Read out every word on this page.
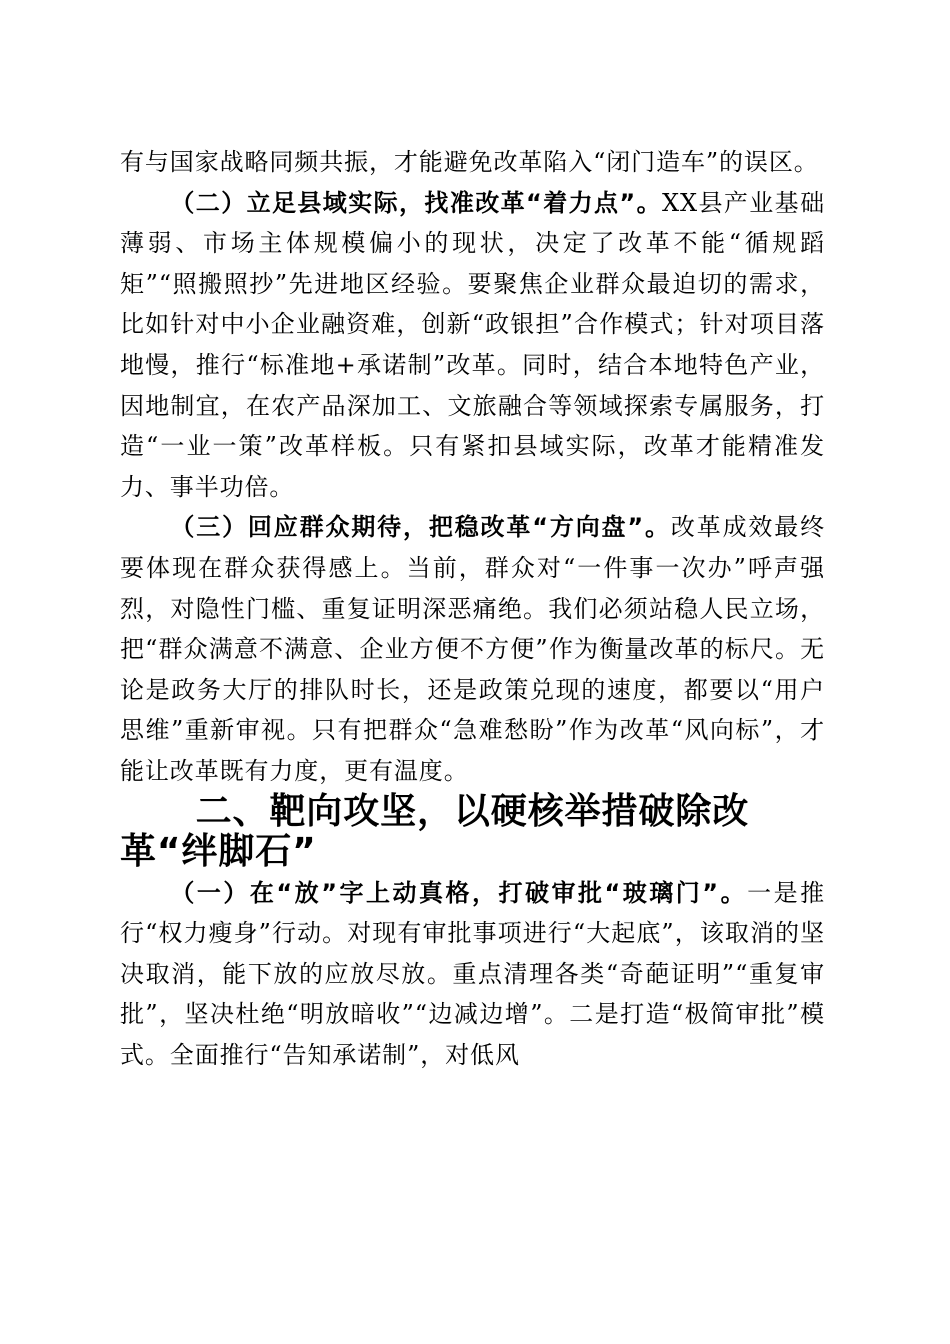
有与国家战略同频共振，才能避免改革陷入“闭门造车”的误区。

（二）立足县域实际，找准改革“着力点”。XX县产业基础薄弱、市场主体规模偏小的现状，决定了改革不能“循规蹈矩”“照搬照抄”先进地区经验。要聚焦企业群众最迫切的需求，比如针对中小企业融资难，创新“政银担”合作模式；针对项目落地慢，推行“标准地+承诺制”改革。同时，结合本地特色产业，因地制宜，在农产品深加工、文旅融合等领域探索专属服务，打造“一业一策”改革样板。只有紧扣县域实际，改革才能精准发力、事半功倍。

（三）回应群众期待，把稳改革“方向盘”。改革成效最终要体现在群众获得感上。当前，群众对“一件事一次办”呼声强烈，对隐性门槛、重复证明深恶痛绝。我们必须站稳人民立场，把“群众满意不满意、企业方便不方便”作为衡量改革的标尺。无论是政务大厅的排队时长，还是政策兑现的速度，都要以“用户思维”重新审视。只有把群众“急难愁盼”作为改革“风向标”，才能让改革既有力度，更有温度。

二、靶向攻坚，以硬核举措破除改革“绊脚石”

（一）在“放”字上动真格，打破审批“玻璃门”。一是推行“权力瘦身”行动。对现有审批事项进行“大起底”，该取消的坚决取消，能下放的应放尽放。重点清理各类“奇葩证明”“重复审批”，坚决杜绝“明放暗收”“边减边增”。二是打造“极简审批”模式。全面推行“告知承诺制”，对低风
